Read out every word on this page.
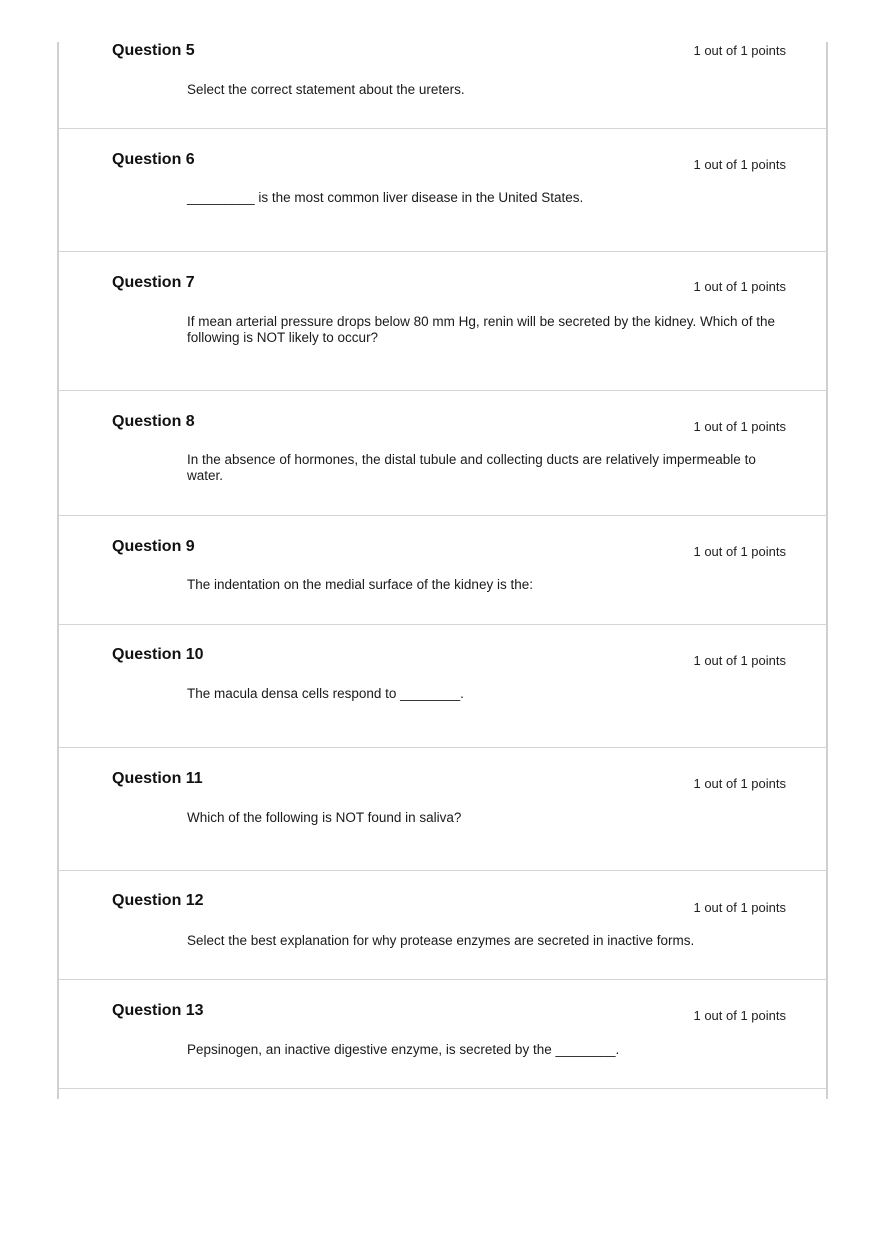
Question 5	1 out of 1 points
Select the correct statement about the ureters.
Question 6	1 out of 1 points
_________ is the most common liver disease in the United States.
Question 7	1 out of 1 points
If mean arterial pressure drops below 80 mm Hg, renin will be secreted by the kidney. Which of the following is NOT likely to occur?
Question 8	1 out of 1 points
In the absence of hormones, the distal tubule and collecting ducts are relatively impermeable to water.
Question 9	1 out of 1 points
The indentation on the medial surface of the kidney is the:
Question 10	1 out of 1 points
The macula densa cells respond to ________.
Question 11	1 out of 1 points
Which of the following is NOT found in saliva?
Question 12	1 out of 1 points
Select the best explanation for why protease enzymes are secreted in inactive forms.
Question 13	1 out of 1 points
Pepsinogen, an inactive digestive enzyme, is secreted by the ________.
